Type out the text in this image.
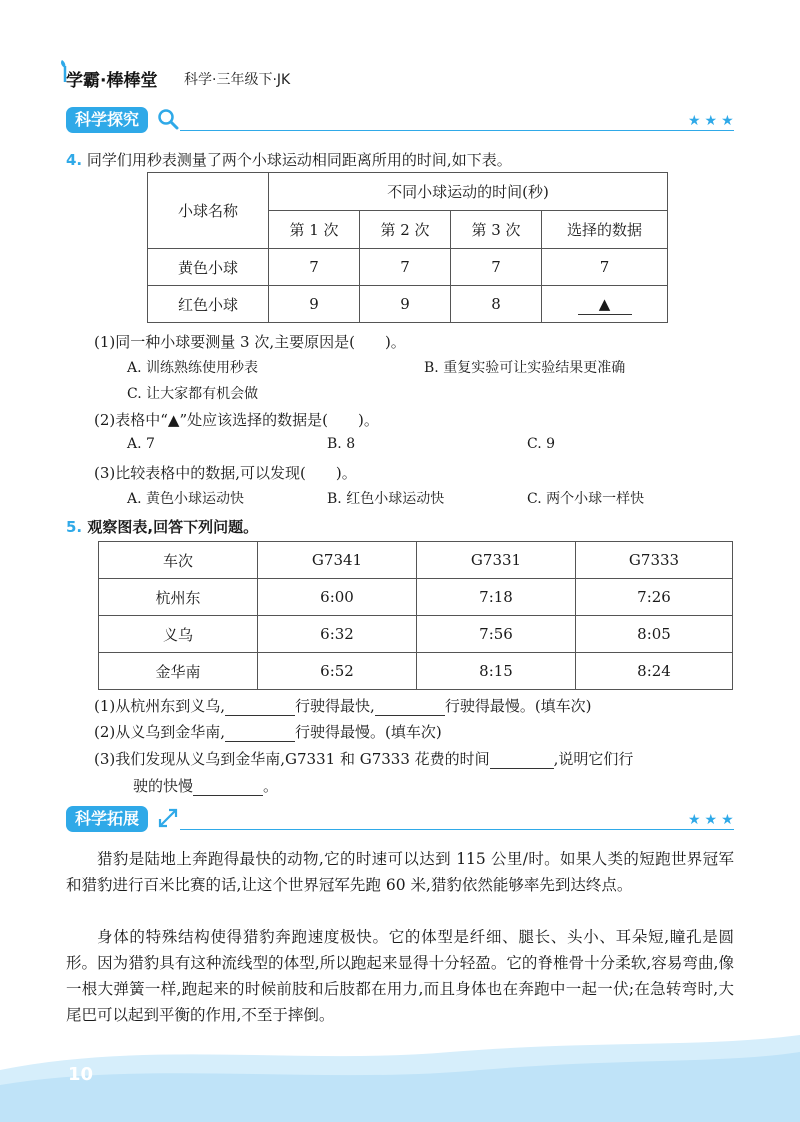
学霸·棒棒堂 科学·三年级下·JK
科学探究	★★★
4. 同学们用秒表测量了两个小球运动相同距离所用的时间,如下表。
小球名称	不同小球运动的时间(秒)			
	第 1 次	第 2 次	第 3 次	选择的数据
黄色小球	7	7	7	7
红色小球	9	9	8	▲
(1)同一种小球要测量 3 次,主要原因是(　　)。
A. 训练熟练使用秒表	B. 重复实验可让实验结果更准确
C. 让大家都有机会做
(2)表格中“▲”处应该选择的数据是(　　)。
A. 7	B. 8	C. 9
(3)比较表格中的数据,可以发现(　　)。
A. 黄色小球运动快	B. 红色小球运动快	C. 两个小球一样快
5. 观察图表,回答下列问题。
车次	G7341	G7331	G7333
杭州东	6:00	7:18	7:26
义乌	6:32	7:56	8:05
金华南	6:52	8:15	8:24
(1)从杭州东到义乌,	行驶得最快,	行驶得最慢。(填车次)
(2)从义乌到金华南,	行驶得最慢。(填车次)
(3)我们发现从义乌到金华南,G7331 和 G7333 花费的时间	,说明它们行
驶的快慢	。
科学拓展	★★★
猎豹是陆地上奔跑得最快的动物,它的时速可以达到 115 公里/时。如果人类的短跑世界冠军和猎豹进行百米比赛的话,让这个世界冠军先跑 60 米,猎豹依然能够率先到达终点。
身体的特殊结构使得猎豹奔跑速度极快。它的体型是纤细、腿长、头小、耳朵短,瞳孔是圆形。因为猎豹具有这种流线型的体型,所以跑起来显得十分轻盈。它的脊椎骨十分柔软,容易弯曲,像一根大弹簧一样,跑起来的时候前肢和后肢都在用力,而且身体也在奔跑中一起一伏;在急转弯时,大尾巴可以起到平衡的作用,不至于摔倒。
10
